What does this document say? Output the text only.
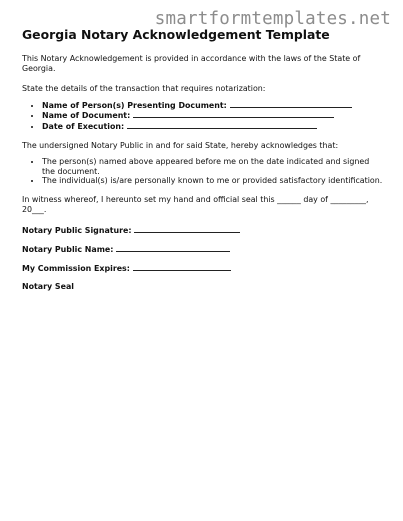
smartformtemplates.net
Georgia Notary Acknowledgement Template

This Notary Acknowledgement is provided in accordance with the laws of the State of Georgia.

State the details of the transaction that requires notarization:

• Name of Person(s) Presenting Document:
• Name of Document:
• Date of Execution:

The undersigned Notary Public in and for said State, hereby acknowledges that:

• The person(s) named above appeared before me on the date indicated and signed the document.
• The individual(s) is/are personally known to me or provided satisfactory identification.

In witness whereof, I hereunto set my hand and official seal this ______ day of _________, 20___.

Notary Public Signature:
Notary Public Name:
My Commission Expires:
Notary Seal
